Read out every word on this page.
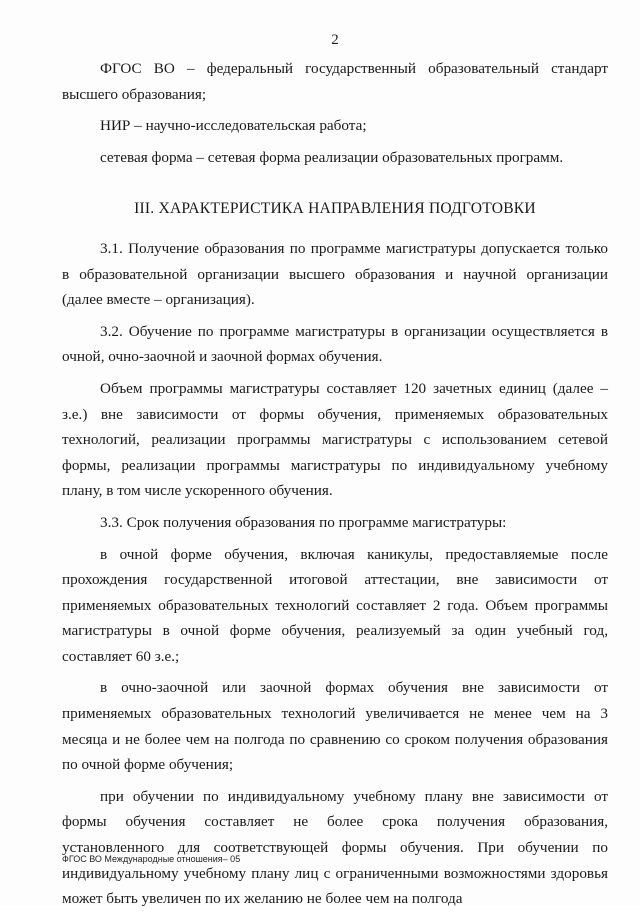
2

ФГОС ВО – федеральный государственный образовательный стандарт высшего образования;

НИР – научно-исследовательская работа;

сетевая форма – сетевая форма реализации образовательных программ.

III. ХАРАКТЕРИСТИКА НАПРАВЛЕНИЯ ПОДГОТОВКИ

3.1. Получение образования по программе магистратуры допускается только в образовательной организации высшего образования и научной организации (далее вместе – организация).

3.2. Обучение по программе магистратуры в организации осуществляется в очной, очно-заочной и заочной формах обучения.

Объем программы магистратуры составляет 120 зачетных единиц (далее – з.е.) вне зависимости от формы обучения, применяемых образовательных технологий, реализации программы магистратуры с использованием сетевой формы, реализации программы магистратуры по индивидуальному учебному плану, в том числе ускоренного обучения.

3.3. Срок получения образования по программе магистратуры:

в очной форме обучения, включая каникулы, предоставляемые после прохождения государственной итоговой аттестации, вне зависимости от применяемых образовательных технологий составляет 2 года. Объем программы магистратуры в очной форме обучения, реализуемый за один учебный год, составляет 60 з.е.;

в очно-заочной или заочной формах обучения вне зависимости от применяемых образовательных технологий увеличивается не менее чем на 3 месяца и не более чем на полгода по сравнению со сроком получения образования по очной форме обучения;

при обучении по индивидуальному учебному плану вне зависимости от формы обучения составляет не более срока получения образования, установленного для соответствующей формы обучения. При обучении по индивидуальному учебному плану лиц с ограниченными возможностями здоровья может быть увеличен по их желанию не более чем на полгода

ФГОС ВО Международные отношения– 05
